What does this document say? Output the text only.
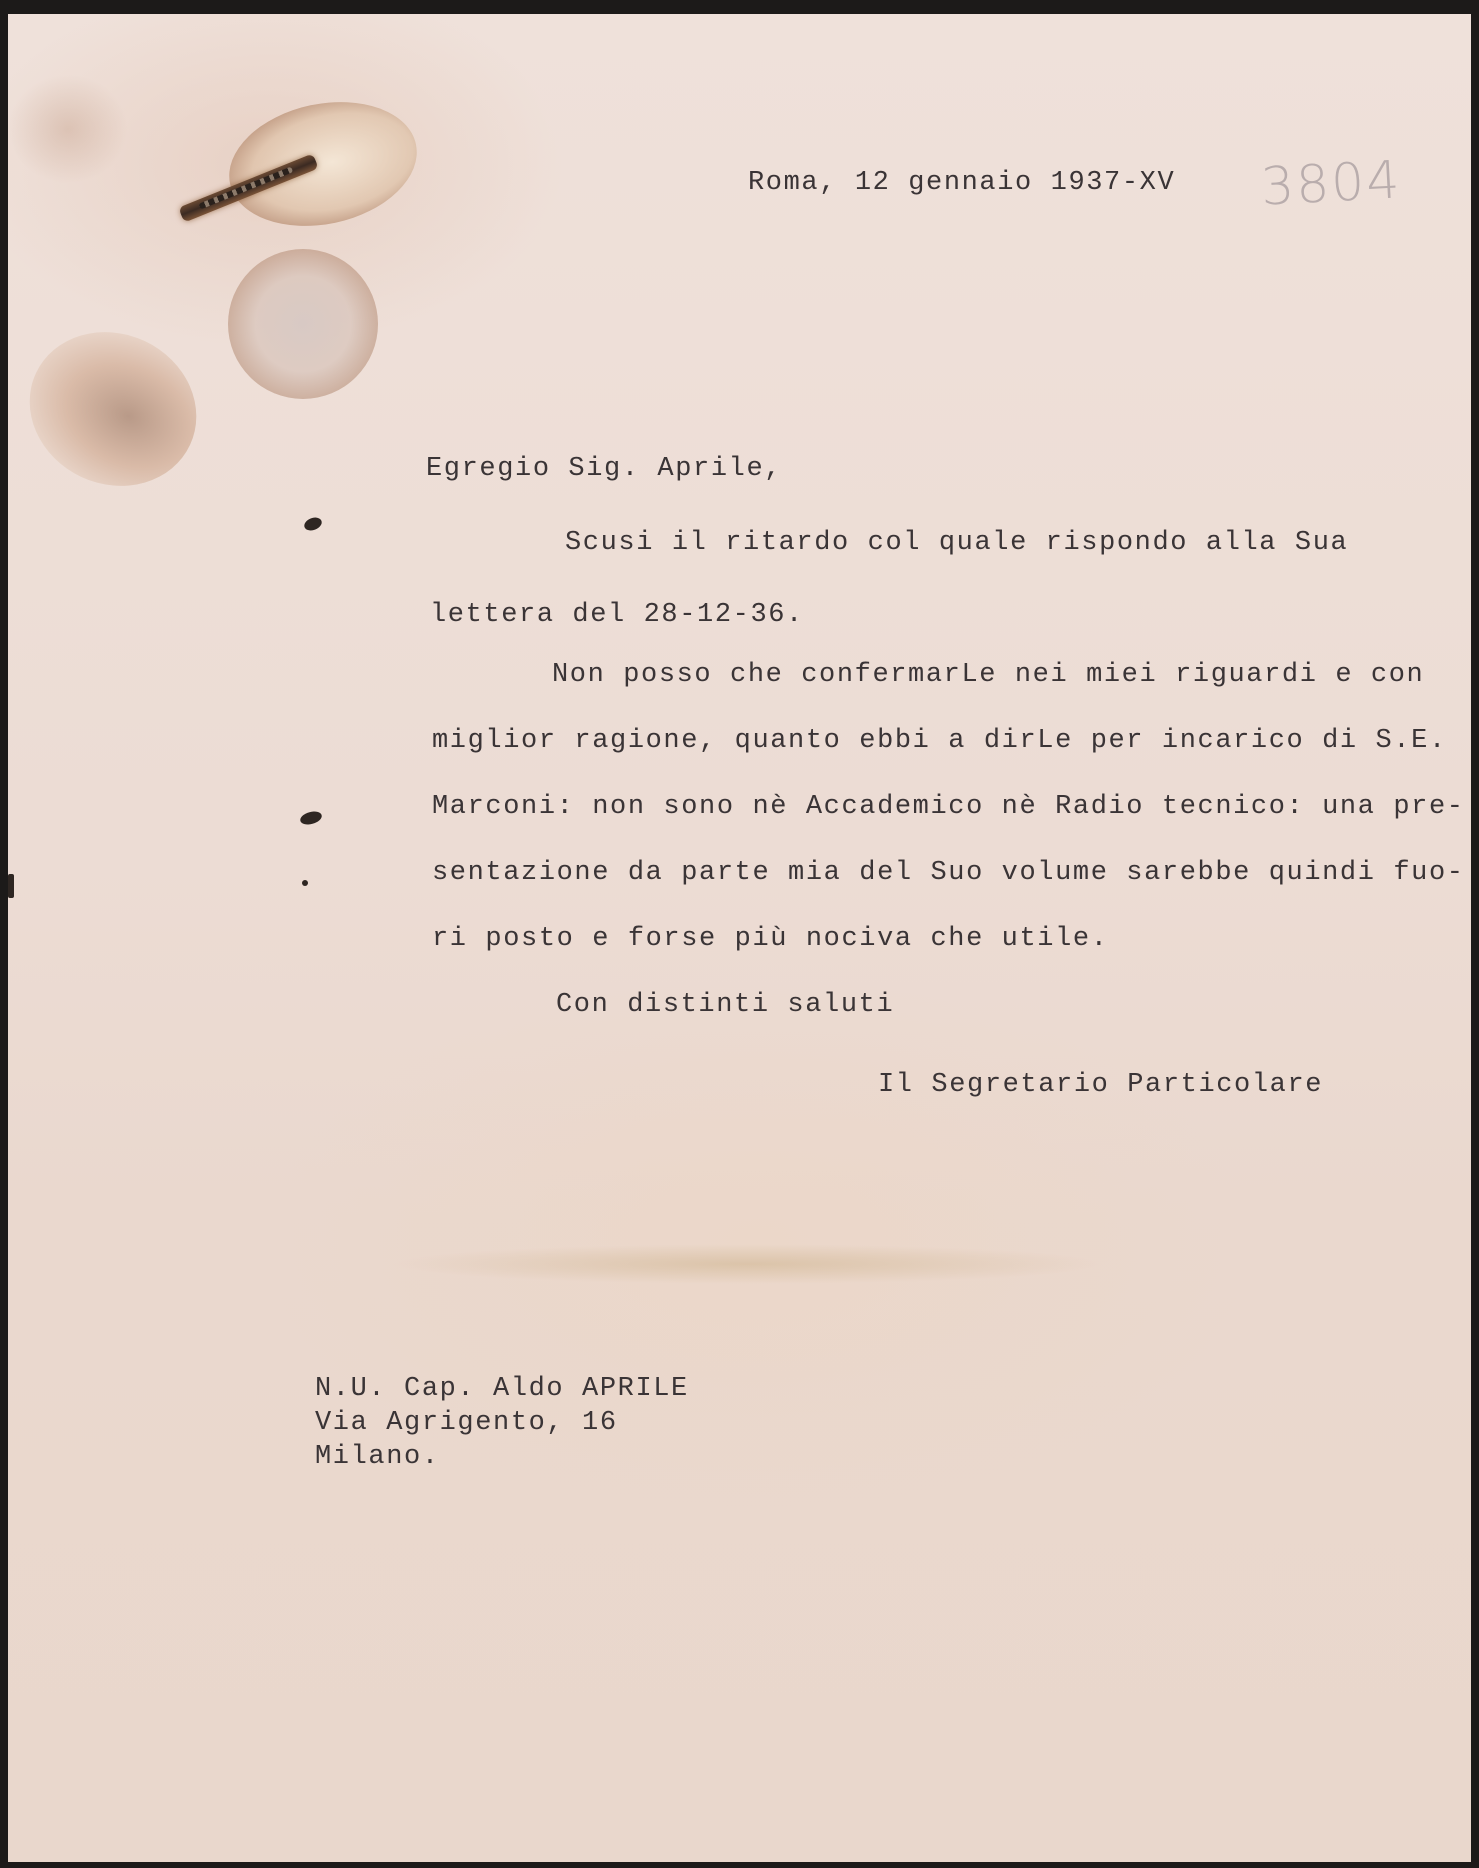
3804
Roma, 12 gennaio 1937-XV
Egregio Sig. Aprile,
Scusi il ritardo col quale rispondo alla Sua
lettera del 28-12-36.
Non posso che confermarLe nei miei riguardi e con
miglior ragione, quanto ebbi a dirLe per incarico di S.E.
Marconi: non sono nè Accademico nè Radio tecnico: una pre-
sentazione da parte mia del Suo volume sarebbe quindi fuo-
ri posto e forse più nociva che utile.
Con distinti saluti
Il Segretario Particolare
N.U. Cap. Aldo APRILE
Via Agrigento, 16
Milano.
